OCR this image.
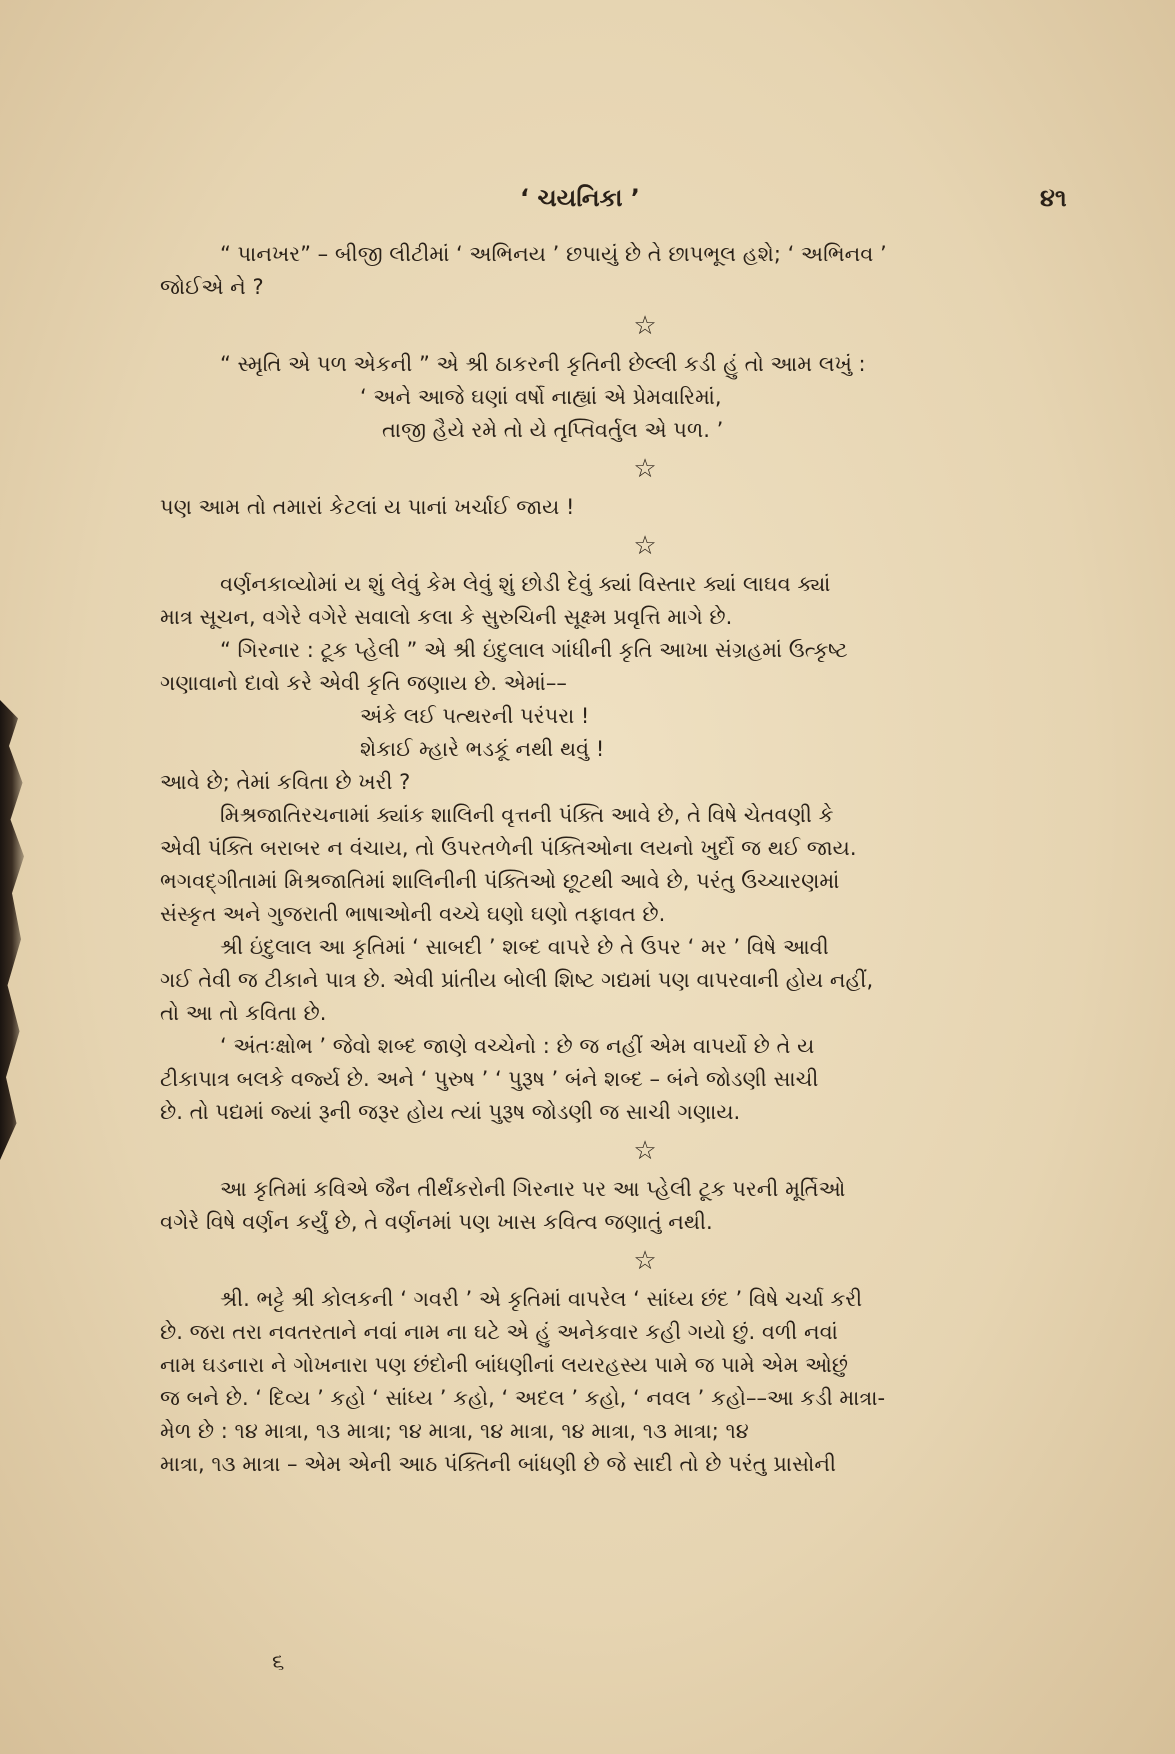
‘ ચયનિકા ’	૪૧

“ પાનખર” – બીજી લીટીમાં ‘ અભિનય ’ છપાયું છે તે છાપભૂલ હશે; ‘ અભિનવ ’

જોઈએ ને ?

☆

“ સ્મૃતિ એ પળ એકની ” એ શ્રી ઠાકરની કૃતિની છેલ્લી કડી હું તો આમ લખું :

‘ અને આજે ઘણાં વર્ષો નાહ્યાં એ પ્રેમવારિમાં,

તાજી હૈયે રમે તો યે તૃપ્તિવર્તુલ એ પળ. ’

☆

પણ આમ તો તમારાં કેટલાં ય પાનાં ખર્ચાઈ જાય !

☆

વર્ણનકાવ્યોમાં ય શું લેવું કેમ લેવું શું છોડી દેવું ક્યાં વિસ્તાર ક્યાં લાઘવ ક્યાં

માત્ર સૂચન, વગેરે વગેરે સવાલો કલા કે સુરુચિની સૂક્ષ્મ પ્રવૃત્તિ માગે છે.

“ ગિરનાર : ટૂક પ્હેલી ” એ શ્રી ઇંદુલાલ ગાંધીની કૃતિ આખા સંગ્રહમાં ઉત્કૃષ્ટ

ગણાવાનો દાવો કરે એવી કૃતિ જણાય છે. એમાં––

અંકે લઈ પત્થરની પરંપરા !

શેકાઈ મ્હારે ભડકૂં નથી થવું !

આવે છે; તેમાં કવિતા છે ખરી ?

મિશ્રજાતિરચનામાં ક્યાંક શાલિની વૃત્તની પંક્તિ આવે છે, તે વિષે ચેતવણી કે

એવી પંક્તિ બરાબર ન વંચાય, તો ઉપરતળેની પંક્તિઓના લયનો ખુર્દો જ થઈ જાય.

ભગવદ્ગીતામાં મિશ્રજાતિમાં શાલિનીની પંક્તિઓ છૂટથી આવે છે, પરંતુ ઉચ્ચારણમાં

સંસ્કૃત અને ગુજરાતી ભાષાઓની વચ્ચે ઘણો ઘણો તફાવત છે.

શ્રી ઇંદુલાલ આ કૃતિમાં ‘ સાબદી ’ શબ્દ વાપરે છે તે ઉપર ‘ મર ’ વિષે આવી

ગઈ તેવી જ ટીકાને પાત્ર છે. એવી પ્રાંતીય બોલી શિષ્ટ ગદ્યમાં પણ વાપરવાની હોય નહીં,

તો આ તો કવિતા છે.

‘ અંતઃક્ષોભ ’ જેવો શબ્દ જાણે વચ્ચેનો : છે જ નહીં એમ વાપર્યો છે તે ય

ટીકાપાત્ર બલકે વર્જ્ય છે. અને ‘ પુરુષ ’ ‘ પુરૂષ ’ બંને શબ્દ – બંને જોડણી સાચી

છે. તો પદ્યમાં જ્યાં રૂની જરૂર હોય ત્યાં પુરૂષ જોડણી જ સાચી ગણાય.

☆

આ કૃતિમાં કવિએ જૈન તીર્થંકરોની ગિરનાર પર આ પ્હેલી ટૂક પરની મૂર્તિઓ

વગેરે વિષે વર્ણન કર્યું છે, તે વર્ણનમાં પણ ખાસ કવિત્વ જણાતું નથી.

☆

શ્રી. ભટ્ટે શ્રી કોલકની ‘ ગવરી ’ એ કૃતિમાં વાપરેલ ‘ સાંધ્ય છંદ ’ વિષે ચર્ચા કરી

છે. જરા તરા નવતરતાને નવાં નામ ના ઘટે એ હું અનેકવાર કહી ગયો છું. વળી નવાં

નામ ઘડનારા ને ગોખનારા પણ છંદોની બાંધણીનાં લયરહસ્ય પામે જ પામે એમ ઓછું

જ બને છે. ‘ દિવ્ય ’ કહો ‘ સાંધ્ય ’ કહો, ‘ અદલ ’ કહો, ‘ નવલ ’ કહો––આ કડી માત્રા-

મેળ છે : ૧૪ માત્રા, ૧૩ માત્રા; ૧૪ માત્રા, ૧૪ માત્રા, ૧૪ માત્રા, ૧૩ માત્રા; ૧૪

માત્રા, ૧૩ માત્રા – એમ એની આઠ પંક્તિની બાંધણી છે જે સાદી તો છે પરંતુ પ્રાસોની

૬
